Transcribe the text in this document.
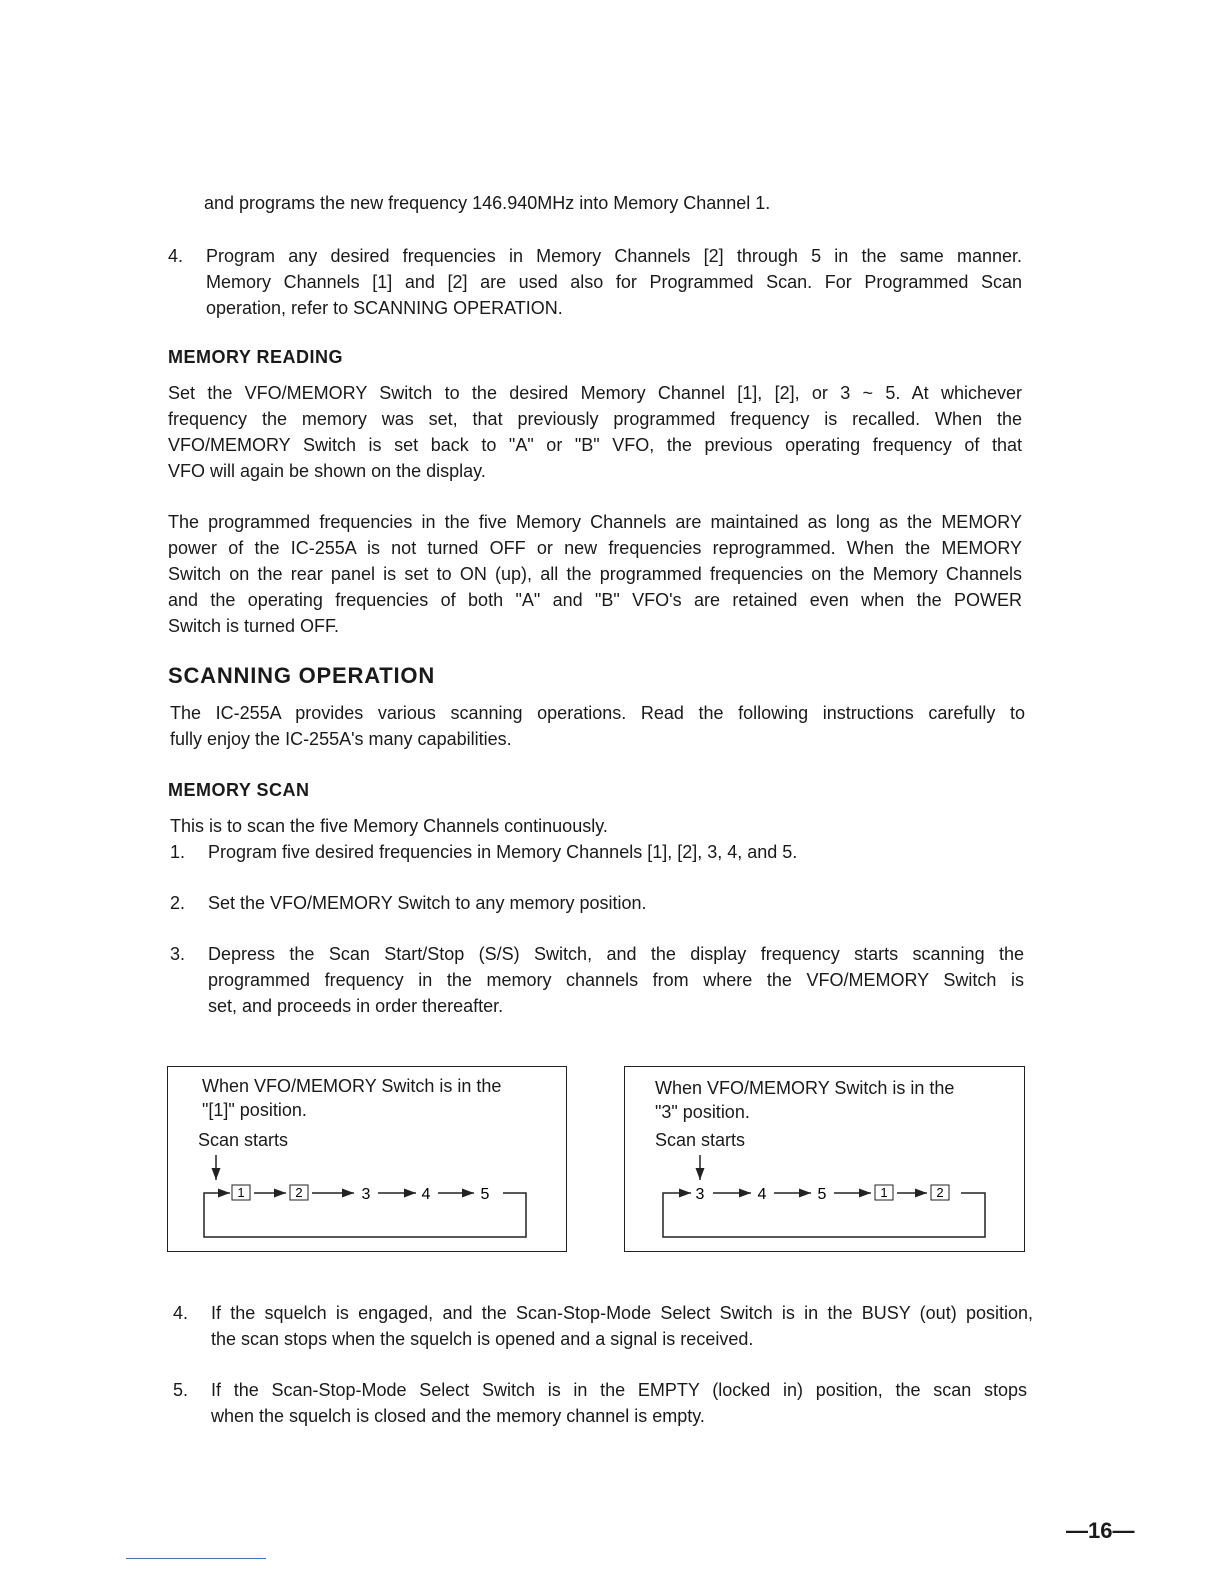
and programs the new frequency 146.940MHz into Memory Channel 1.
4. Program any desired frequencies in Memory Channels [2] through 5 in the same manner.
Memory Channels [1] and [2] are used also for Programmed Scan. For Programmed Scan
operation, refer to SCANNING OPERATION.
MEMORY READING
Set the VFO/MEMORY Switch to the desired Memory Channel [1], [2], or 3 ~ 5. At whichever
frequency the memory was set, that previously programmed frequency is recalled. When the
VFO/MEMORY Switch is set back to "A" or "B" VFO, the previous operating frequency of that
VFO will again be shown on the display.
The programmed frequencies in the five Memory Channels are maintained as long as the MEMORY
power of the IC-255A is not turned OFF or new frequencies reprogrammed. When the MEMORY
Switch on the rear panel is set to ON (up), all the programmed frequencies on the Memory Channels
and the operating frequencies of both "A" and "B" VFO's are retained even when the POWER
Switch is turned OFF.
SCANNING OPERATION
The IC-255A provides various scanning operations. Read the following instructions carefully to
fully enjoy the IC-255A's many capabilities.
MEMORY SCAN
This is to scan the five Memory Channels continuously.
1. Program five desired frequencies in Memory Channels [1], [2], 3, 4, and 5.
2. Set the VFO/MEMORY Switch to any memory position.
3. Depress the Scan Start/Stop (S/S) Switch, and the display frequency starts scanning the
programmed frequency in the memory channels from where the VFO/MEMORY Switch is
set, and proceeds in order thereafter.
When VFO/MEMORY Switch is in the
"[1]" position.
Scan starts
1	2	3	4	5
When VFO/MEMORY Switch is in the
"3" position.
Scan starts
3	4	5	1	2
4. If the squelch is engaged, and the Scan-Stop-Mode Select Switch is in the BUSY (out) position,
the scan stops when the squelch is opened and a signal is received.
5. If the Scan-Stop-Mode Select Switch is in the EMPTY (locked in) position, the scan stops
when the squelch is closed and the memory channel is empty.
—16—
